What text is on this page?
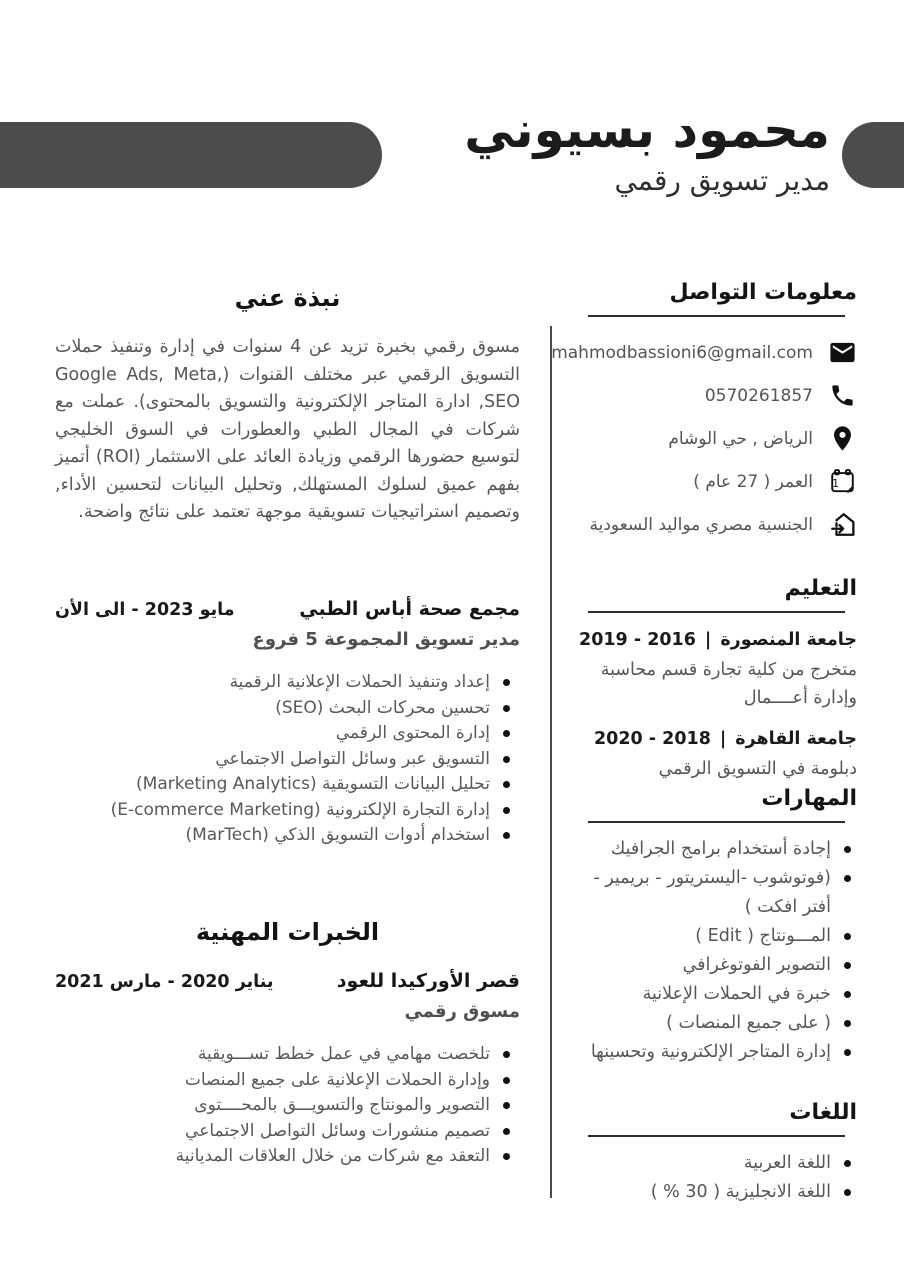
محمود بسيوني
مدير تسويق رقمي
معلومات التواصل
mahmodbassioni6@gmail.com
0570261857
الرياض , حي الوشام
1
العمر ( 27 عام )
الجنسية مصري مواليد السعودية
التعليم
جامعة المنصورة
|
2016 - 2019

متخرج من كلية تجارة قسم محاسبة وإدارة أعــــمال

جامعة القاهرة
|
2018 - 2020

دبلومة في التسويق الرقمي

المهارات
إجادة أستخدام برامج الجرافيك
(فوتوشوب -اليستريتور - بريمير - أفتر افكت )
المـــونتاج ( Edit )
التصوير الفوتوغرافي
خبرة في الحملات الإعلانية
( على جميع المنصات )
إدارة المتاجر الإلكترونية وتحسينها
اللغات
اللغة العربية
اللغة الانجليزية ( 30 % )
نبذة عني

مسوق رقمي بخبرة تزيد عن 4 سنوات في إدارة وتنفيذ حملات التسويق الرقمي عبر مختلف القنوات (Google Ads, Meta, SEO, ادارة المتاجر الإلكترونية والتسويق بالمحتوى). عملت مع شركات في المجال الطبي والعطورات في السوق الخليجي لتوسيع حضورها الرقمي وزيادة العائد على الاستثمار (ROI) أتميز بفهم عميق لسلوك المستهلك, وتحليل البيانات لتحسين الأداء, وتصميم استراتيجيات تسويقية موجهة تعتمد على نتائج واضحة.

مجمع صحة أباس الطبي
مايو 2023 - الى الأن
مدير تسويق المجموعة 5 فروع
إعداد وتنفيذ الحملات الإعلانية الرقمية
تحسين محركات البحث (SEO)
إدارة المحتوى الرقمي
التسويق عبر وسائل التواصل الاجتماعي
تحليل البيانات التسويقية (Marketing Analytics)
إدارة التجارة الإلكترونية (E-commerce Marketing)
استخدام أدوات التسويق الذكي (MarTech)
الخبرات المهنية
قصر الأوركيدا للعود
يناير 2020 - مارس 2021
مسوق رقمي
تلخصت مهامي في عمل خطط تســـويقية
وإدارة الحملات الإعلانية على جميع المنصات
التصوير والمونتاج والتسويـــق بالمحــــتوى
تصميم منشورات وسائل التواصل الاجتماعي
التعقد مع شركات من خلال العلاقات المديانية
